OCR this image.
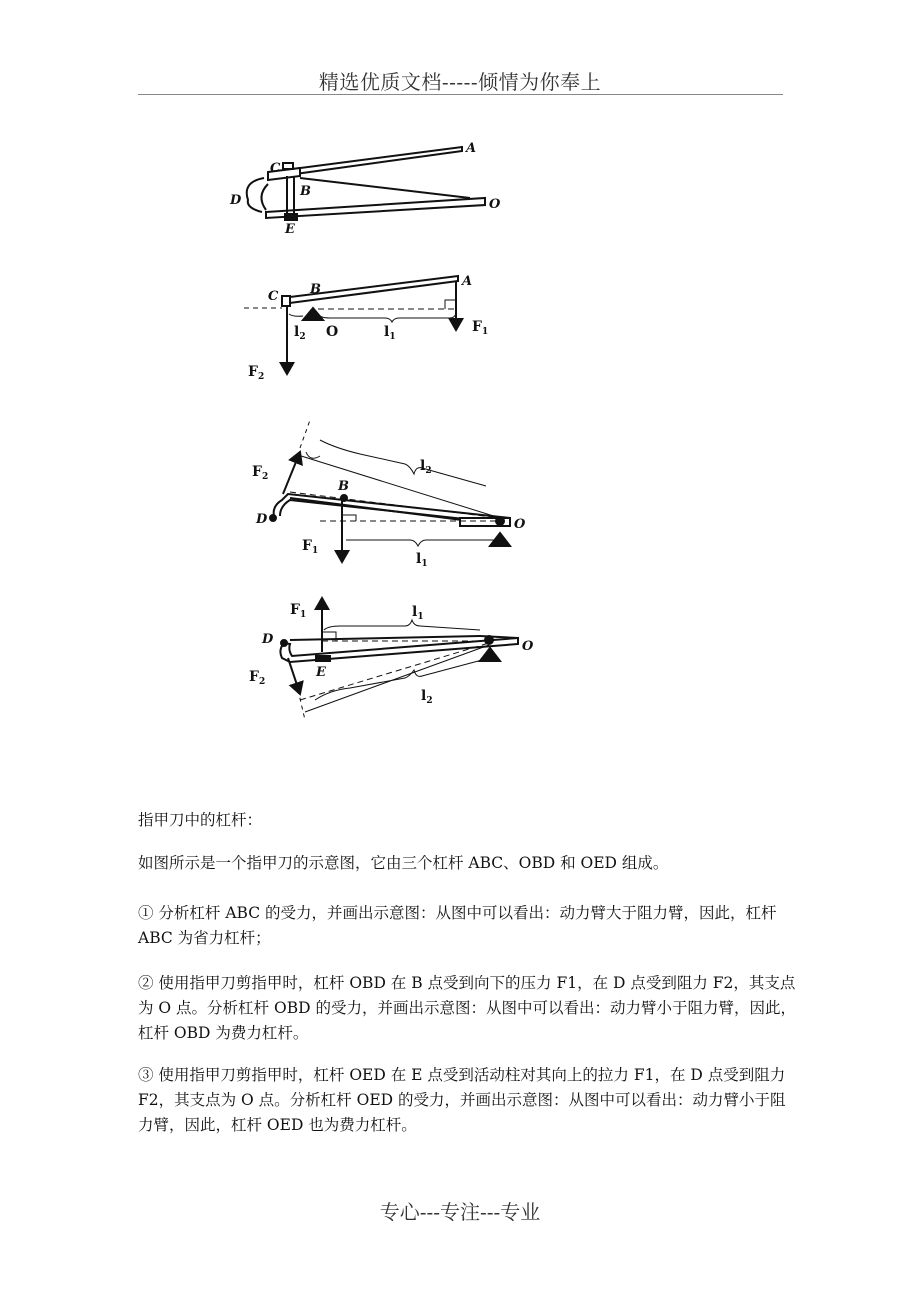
精选优质文档-----倾情为你奉上
A
C
B
D
E
O
C B
A
O	$l_1$
$l_2$
$F_1$
$F_2$
B
D	O
$F_2$
$F_1$
$l_2$
$l_1$
D
E
O
$F_1$
$F_2$
$l_1$
$l_2$
指甲刀中的杠杆：
如图所示是一个指甲刀的示意图，它由三个杠杆 ABC、OBD 和 OED 组成。
① 分析杠杆 ABC 的受力，并画出示意图：从图中可以看出：动力臂大于阻力臂，因此，杠杆 ABC 为省力杠杆；
② 使用指甲刀剪指甲时，杠杆 OBD 在 B 点受到向下的压力 F1，在 D 点受到阻力 F2，其支点为 O 点。分析杠杆 OBD 的受力，并画出示意图：从图中可以看出：动力臂小于阻力臂，因此，杠杆 OBD 为费力杠杆。
③ 使用指甲刀剪指甲时，杠杆 OED 在 E 点受到活动柱对其向上的拉力 F1，在 D 点受到阻力 F2，其支点为 O 点。分析杠杆 OED 的受力，并画出示意图：从图中可以看出：动力臂小于阻力臂，因此，杠杆 OED 也为费力杠杆。
专心---专注---专业
